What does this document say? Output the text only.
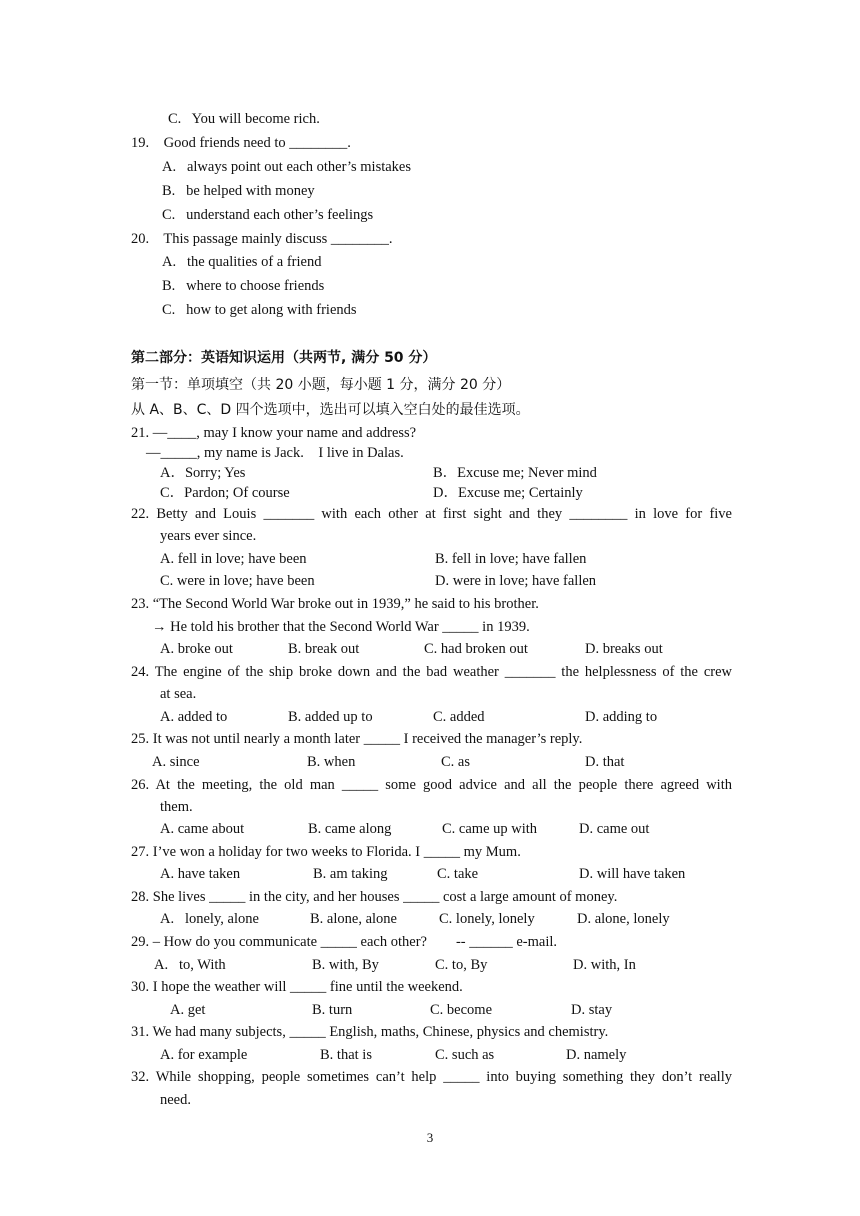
C.   You will become rich.
19.    Good friends need to ________.
A.   always point out each other’s mistakes
B.   be helped with money
C.   understand each other’s feelings
20.    This passage mainly discuss ________.
A.   the qualities of a friend
B.   where to choose friends
C.   how to get along with friends
第二部分：英语知识运用（共两节, 满分 50 分）
第一节：单项填空（共 20 小题，每小题 1 分，满分 20 分）
从 A、B、C、D 四个选项中，选出可以填入空白处的最佳选项。
21. —____, may I know your name and address?
—_____, my name is Jack.    I live in Dalas.
A．Sorry; Yes	B．Excuse me; Never mind
C．Pardon; Of course	D．Excuse me; Certainly
22. Betty and Louis _______ with each other at first sight and they ________ in love for five
years ever since.
A. fell in love; have been	B. fell in love; have fallen
C. were in love; have been	D. were in love; have fallen
23. “The Second World War broke out in 1939,” he said to his brother.
→ He told his brother that the Second World War _____ in 1939.
A. broke out	B. break out	C. had broken out	D. breaks out
24. The engine of the ship broke down and the bad weather _______ the helplessness of the crew
at sea.
A. added to	B. added up to	C. added	D. adding to
25. It was not until nearly a month later _____ I received the manager’s reply.
A. since	B. when	C. as	D. that
26. At the meeting, the old man _____ some good advice and all the people there agreed with
them.
A. came about	B. came along	C. came up with	D. came out
27. I’ve won a holiday for two weeks to Florida. I _____ my Mum.
A. have taken	B. am taking	C. take	D. will have taken
28. She lives _____ in the city, and her houses _____ cost a large amount of money.
A.   lonely, alone	B. alone, alone	C. lonely, lonely	D. alone, lonely
29. – How do you communicate _____ each other?        -- ______ e-mail.
A.   to, With	B. with, By	C. to, By	D. with, In
30. I hope the weather will _____ fine until the weekend.
A. get	B. turn	C. become	D. stay
31. We had many subjects, _____ English, maths, Chinese, physics and chemistry.
A. for example	B. that is	C. such as	D. namely
32. While shopping, people sometimes can’t help _____ into buying something they don’t really
need.
3
